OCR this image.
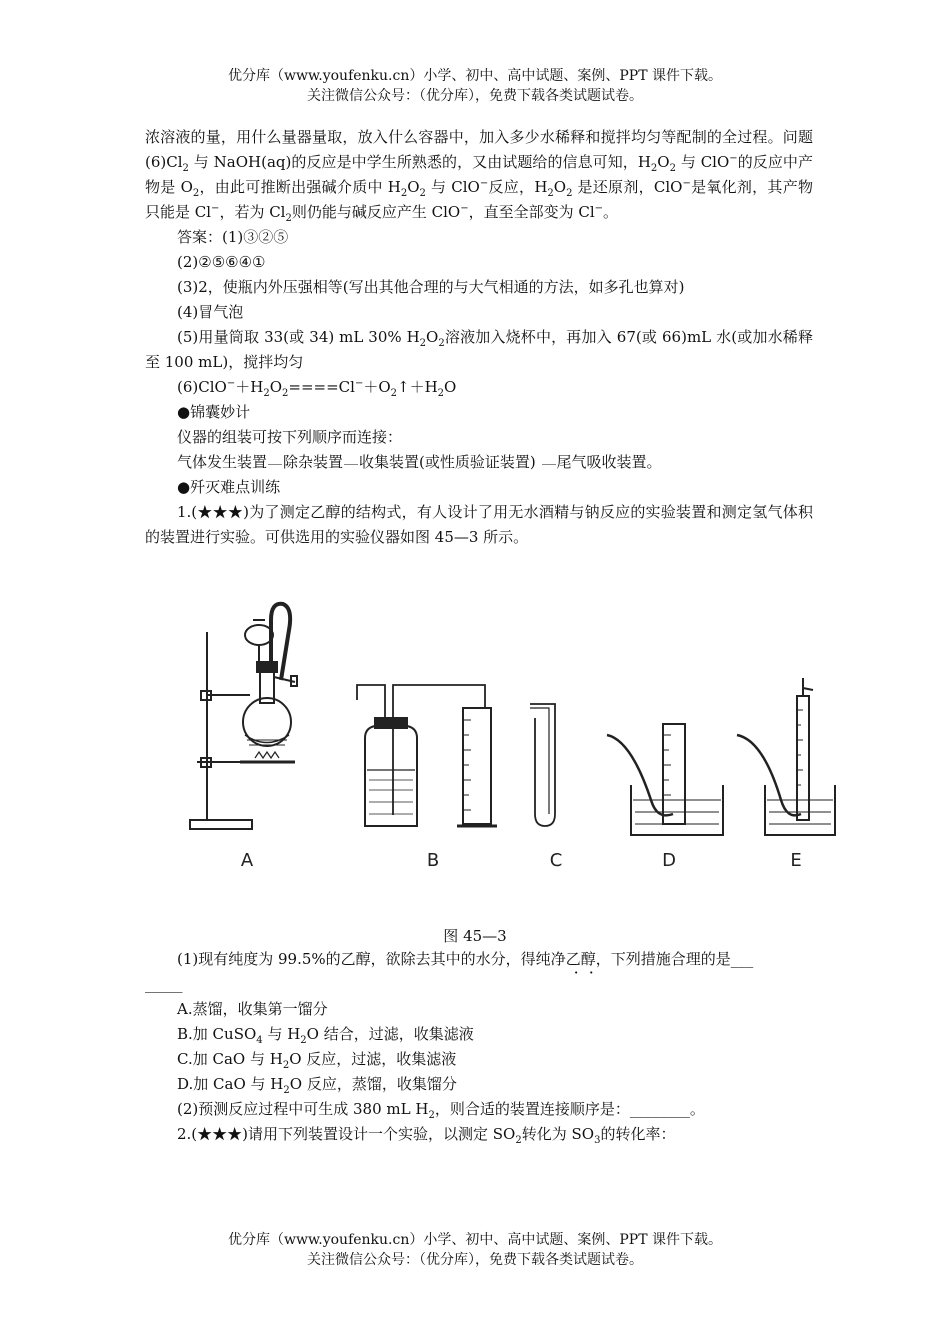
优分库（www.youfenku.cn）小学、初中、高中试题、案例、PPT 课件下载。
关注微信公众号：（优分库），免费下载各类试题试卷。

浓溶液的量，用什么量器量取，放入什么容器中，加入多少水稀释和搅拌均匀等配制的全过程。问题$(6)Cl_2$ 与 NaOH(aq)的反应是中学生所熟悉的，又由试题给的信息可知，$H_2O_2$ 与 ClO−的反应中产物是 $O_2$，由此可推断出强碱介质中 $H_2O_2$ 与 ClO−反应，$H_2O_2$ 是还原剂，ClO−是氧化剂，其产物只能是 Cl−，若为 $Cl_2$则仍能与碱反应产生 ClO−，直至全部变为 Cl−。

答案：(1)③②⑤

(2)②⑤⑥④①

(3)2，使瓶内外压强相等(写出其他合理的与大气相通的方法，如多孔也算对)

(4)冒气泡

(5)用量筒取 33(或 34) mL 30% $H_2O_2$溶液加入烧杯中，再加入 67(或 66)mL 水(或加水稀释至 100 mL)，搅拌均匀

$(6)ClO^-+H_2O_2====Cl^-+O_2↑+H_2O$

●锦囊妙计

仪器的组装可按下列顺序而连接：

气体发生装置 除杂装置 收集装置(或性质验证装置) 尾气吸收装置。

●歼灭难点训练

1.(★★★)为了测定乙醇的结构式，有人设计了用无水酒精与钠反应的实验装置和测定氢气体积的装置进行实验。可供选用的实验仪器如图 45—3 所示。

A	B	C	D	E
图 45—3

(1)现有纯度为 99.5%的乙醇，欲除去其中的水分，得纯 ·净 ·乙醇，下列措施合理的是___

_____

A.蒸馏，收集第一馏分

B.加 CuSO$_4$ 与 $H_2O$ 结合，过滤，收集滤液

C.加 CaO 与 $H_2O$ 反应，过滤，收集滤液

D.加 CaO 与 $H_2O$ 反应，蒸馏，收集馏分

(2)预测反应过程中可生成 380 mL $H_2$，则合适的装置连接顺序是：________。

2.(★★★)请用下列装置设计一个实验，以测定 $SO_2$转化为 $SO_3$的转化率：

优分库（www.youfenku.cn）小学、初中、高中试题、案例、PPT 课件下载。
关注微信公众号：（优分库），免费下载各类试题试卷。
